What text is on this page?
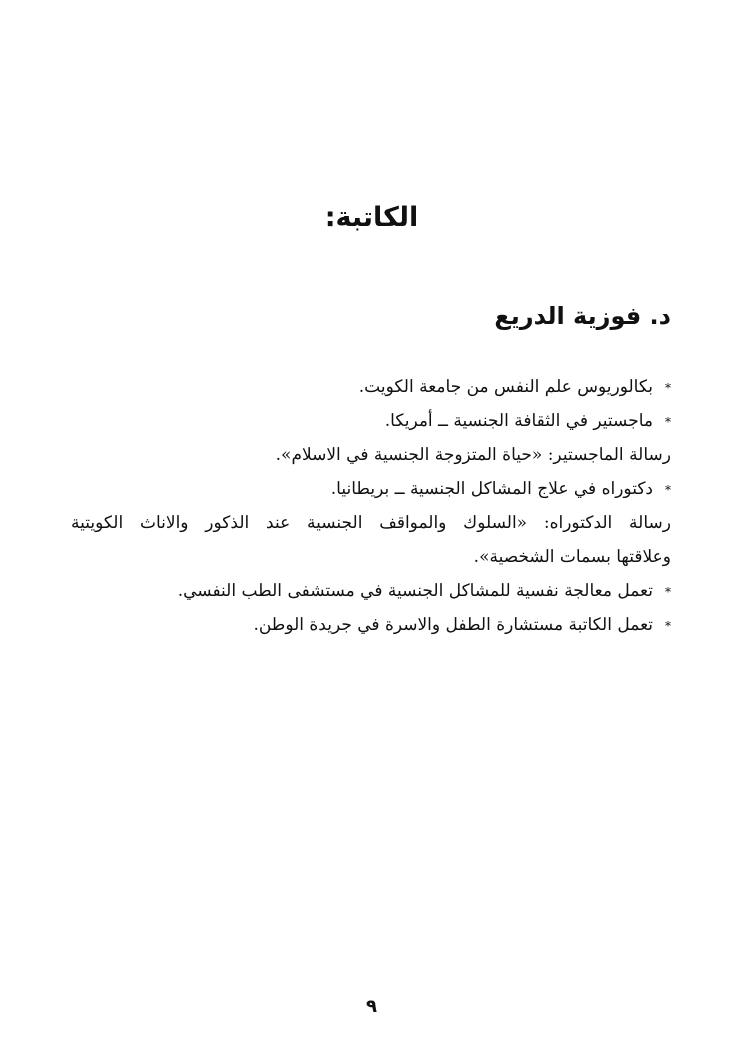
الكاتبة:
د. فوزية الدريع
*
بكالوريوس علم النفس من جامعة الكويت.
*
ماجستير في الثقافة الجنسية ــ أمريكا.
رسالة الماجستير: «حياة المتزوجة الجنسية في الاسلام».
*
دكتوراه في علاج المشاكل الجنسية ــ بريطانيا.
رسالة الدكتوراه: «السلوك والمواقف الجنسية عند الذكور والاناث الكويتية
وعلاقتها بسمات الشخصية».
*
تعمل معالجة نفسية للمشاكل الجنسية في مستشفى الطب النفسي.
*
تعمل الكاتبة مستشارة الطفل والاسرة في جريدة الوطن.
٩
